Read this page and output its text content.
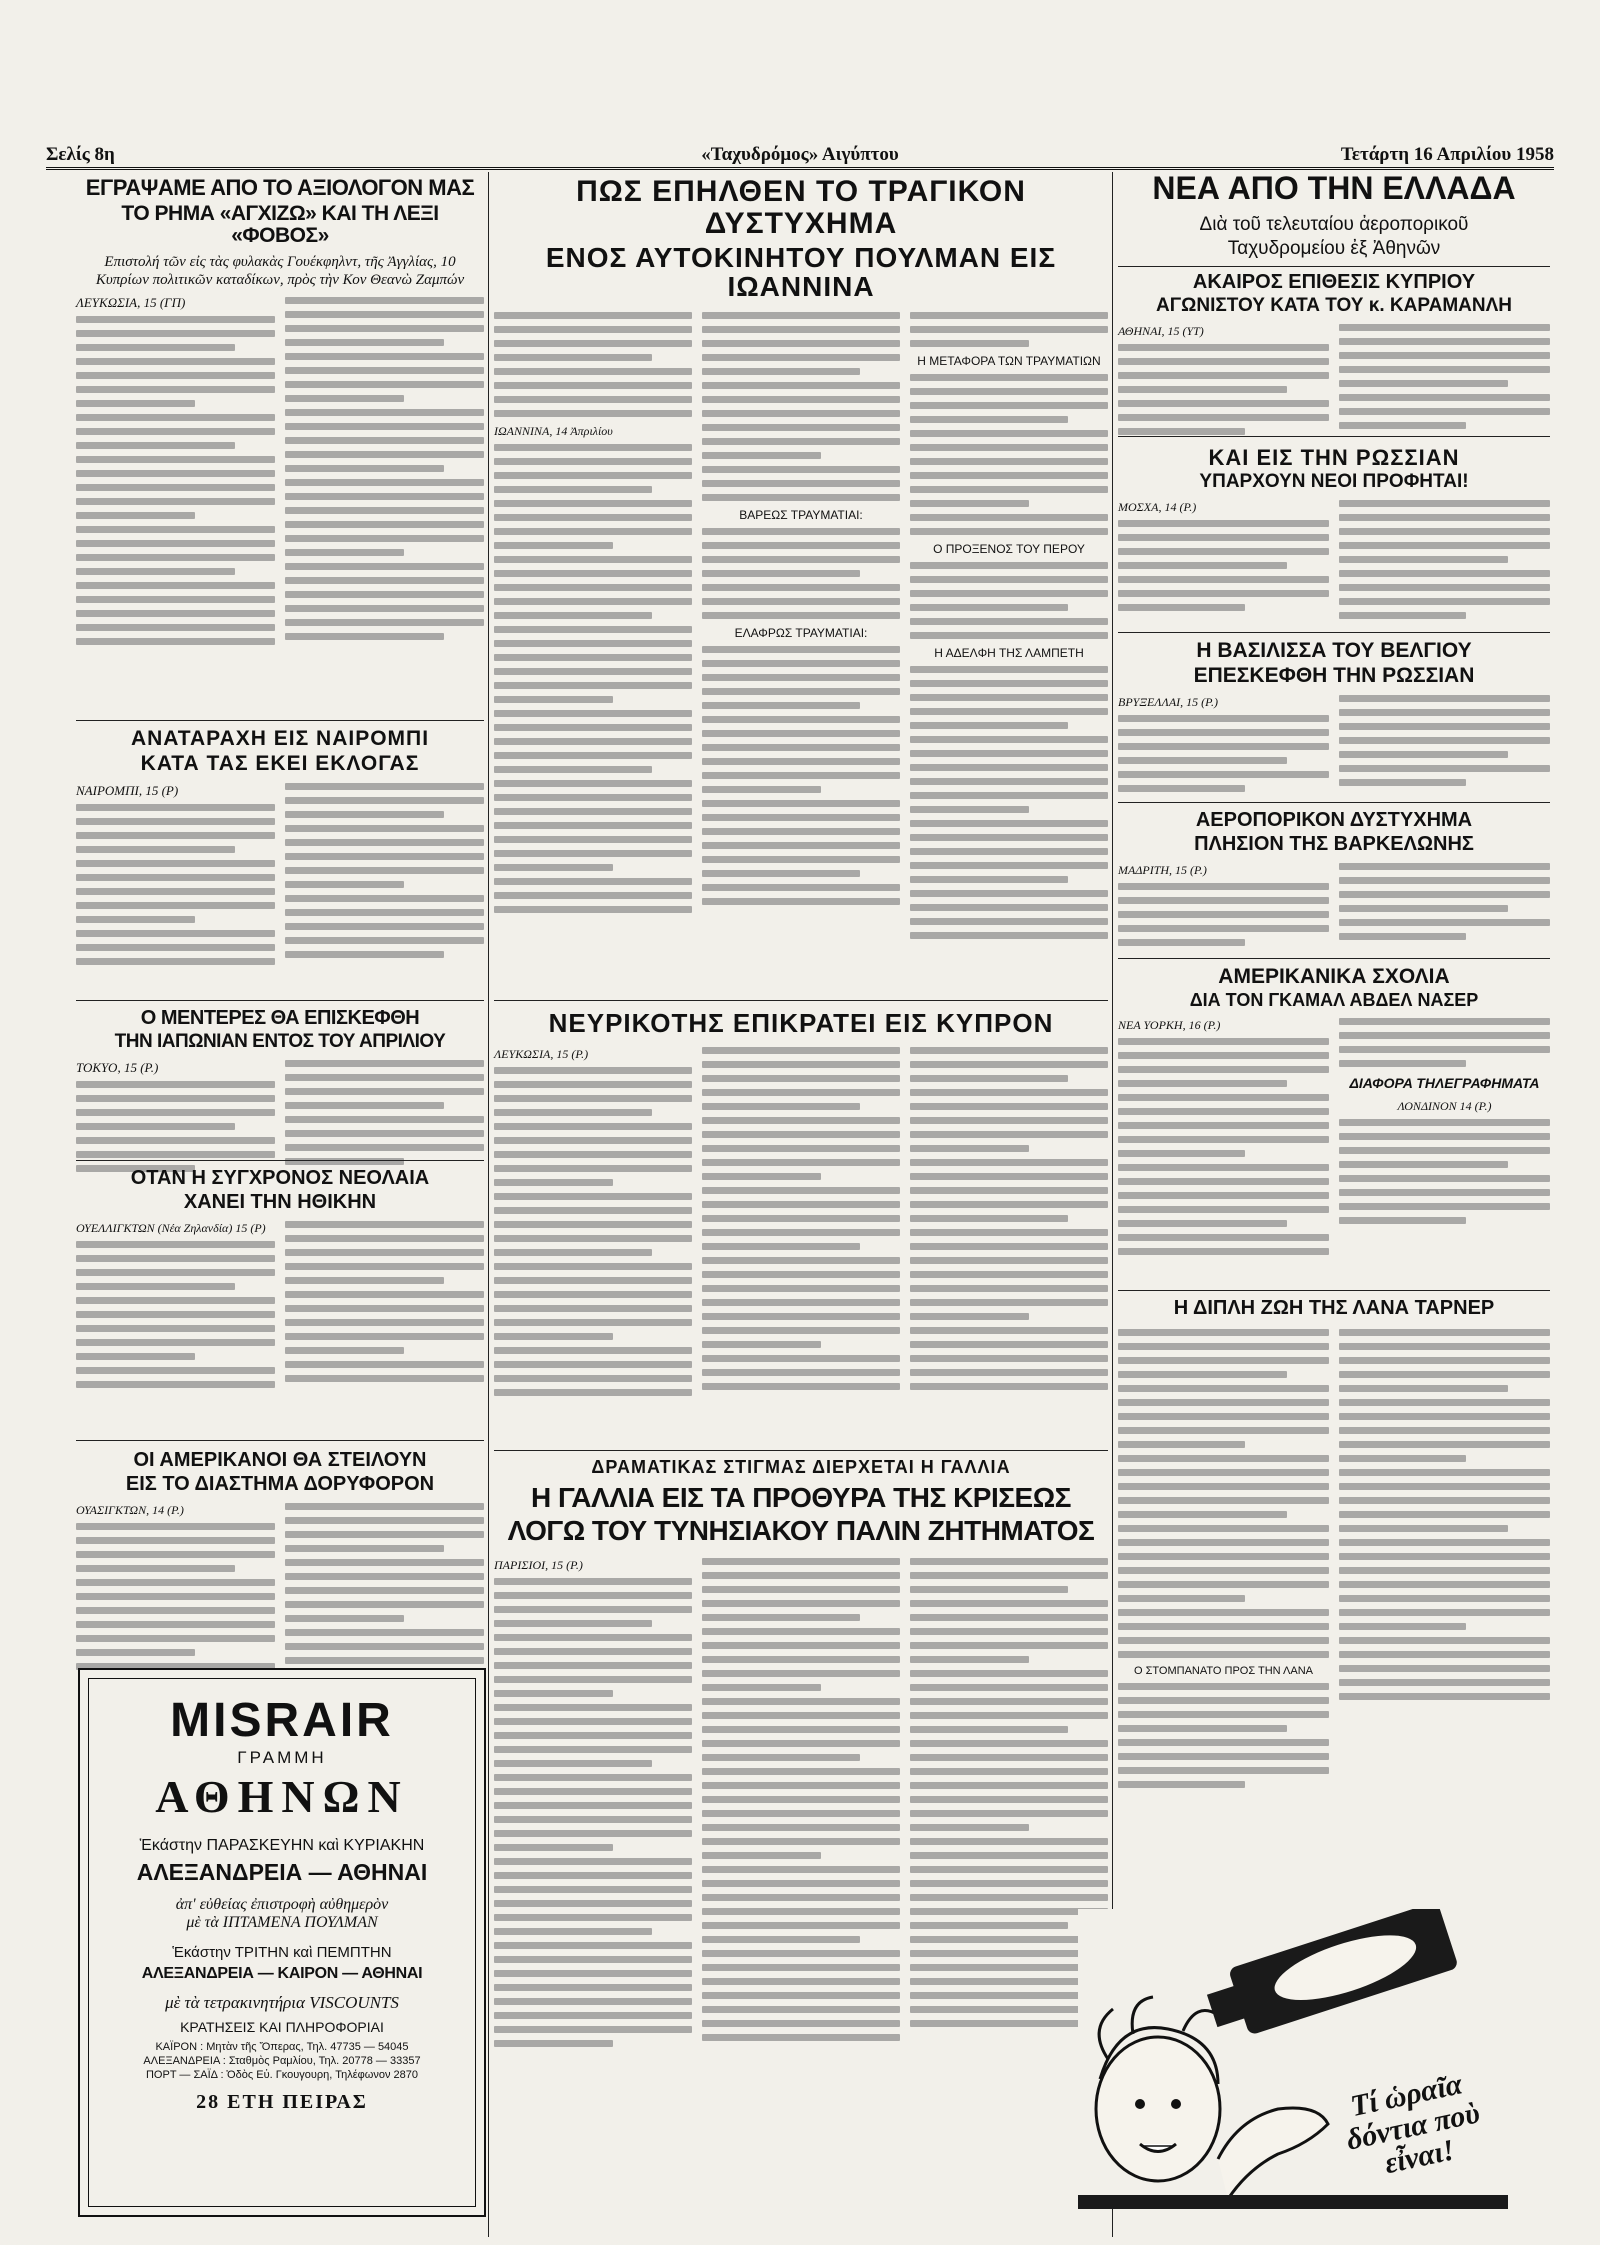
Σελίς 8η	«Ταχυδρόμος» Αιγύπτου	Τετάρτη 16 Απριλίου 1958

ΕΓΡΑΨΑΜΕ ΑΠΟ ΤΟ ΑΞΙΟΛΟΓΟΝ ΜΑΣ

ΤΟ ΡΗΜΑ «ΑΓΧΙΖΩ» ΚΑΙ ΤΗ ΛΕΞΙ «ΦΟΒΟΣ»

Επιστολή τῶν εἰς τὰς φυλακὰς Γουέκφηλντ, τῆς Ἀγγλίας, 10 Κυπρίων πολιτικῶν καταδίκων, πρὸς τὴν Κον Θεανὼ Ζαμπών

ΛΕΥΚΩΣΙΑ, 15 (ΓΠ)

ΑΝΑΤΑΡΑΧΗ ΕΙΣ ΝΑΙΡΟΜΠΙ

ΚΑΤΑ ΤΑΣ ΕΚΕΙ ΕΚΛΟΓΑΣ

ΝΑΙΡΟΜΠΙ, 15 (Ρ)

Ο ΜΕΝΤΕΡΕΣ ΘΑ ΕΠΙΣΚΕΦΘΗ

ΤΗΝ ΙΑΠΩΝΙΑΝ ΕΝΤΟΣ ΤΟΥ ΑΠΡΙΛΙΟΥ

ΤΟΚΥΟ, 15 (Ρ.)

ΟΤΑΝ Η ΣΥΓΧΡΟΝΟΣ ΝΕΟΛΑΙΑ

ΧΑΝΕΙ ΤΗΝ ΗΘΙΚΗΝ

ΟΥΕΛΛΙΓΚΤΩΝ (Νέα Ζηλανδία) 15 (Ρ)

ΟΙ ΑΜΕΡΙΚΑΝΟΙ ΘΑ ΣΤΕΙΛΟΥΝ

ΕΙΣ ΤΟ ΔΙΑΣΤΗΜΑ ΔΟΡΥΦΟΡΟΝ

ΟΥΑΣΙΓΚΤΩΝ, 14 (Ρ.)
MISRAIR
ΓΡΑΜΜΗ
ΑΘΗΝΩΝ
Ἑκάστην ΠΑΡΑΣΚΕΥΗΝ καὶ ΚΥΡΙΑΚΗΝ
ΑΛΕΞΑΝΔΡΕΙΑ — ΑΘΗΝΑΙ
ἀπ' εὐθείας ἐπιστροφὴ αὐθημερὸν
μὲ τὰ ΙΠΤΑΜΕΝΑ ΠΟΥΛΜΑΝ
Ἑκάστην ΤΡΙΤΗΝ καὶ ΠΕΜΠΤΗΝ
ΑΛΕΞΑΝΔΡΕΙΑ — ΚΑΙΡΟΝ — ΑΘΗΝΑΙ
μὲ τὰ τετρακινητήρια VISCOUNTS
ΚΡΑΤΗΣΕΙΣ ΚΑΙ ΠΛΗΡΟΦΟΡΙΑΙ
ΚΑΪΡΟΝ : Μητὰν τῆς Ὄπερας, Τηλ. 47735 — 54045
ΑΛΕΞΑΝΔΡΕΙΑ : Σταθμὸς Ραμλίου, Τηλ. 20778 — 33357
ΠΟΡΤ — ΣΑΪΔ : Ὁδὸς Εὐ. Γκουγουρη, Τηλέφωνον 2870
28 ΕΤΗ ΠΕΙΡΑΣ

ΠΩΣ ΕΠΗΛΘΕΝ ΤΟ ΤΡΑΓΙΚΟΝ ΔΥΣΤΥΧΗΜΑ

ΕΝΟΣ ΑΥΤΟΚΙΝΗΤΟΥ ΠΟΥΛΜΑΝ ΕΙΣ ΙΩΑΝΝΙΝΑ

ΙΩΑΝΝΙΝΑ, 14 Ἀπριλίου
ΒΑΡΕΩΣ ΤΡΑΥΜΑΤΙΑΙ:
ΕΛΑΦΡΩΣ ΤΡΑΥΜΑΤΙΑΙ:
Η ΜΕΤΑΦΟΡΑ ΤΩΝ ΤΡΑΥΜΑΤΙΩΝ
Ο ΠΡΟΞΕΝΟΣ ΤΟΥ ΠΕΡΟΥ
Η ΑΔΕΛΦΗ ΤΗΣ ΛΑΜΠΕΤΗ

ΝΕΥΡΙΚΟΤΗΣ ΕΠΙΚΡΑΤΕΙ ΕΙΣ ΚΥΠΡΟΝ

ΛΕΥΚΩΣΙΑ, 15 (Ρ.)

ΔΡΑΜΑΤΙΚΑΣ ΣΤΙΓΜΑΣ ΔΙΕΡΧΕΤΑΙ Η ΓΑΛΛΙΑ

Η ΓΑΛΛΙΑ ΕΙΣ ΤΑ ΠΡΟΘΥΡΑ ΤΗΣ ΚΡΙΣΕΩΣ

ΛΟΓΩ ΤΟΥ ΤΥΝΗΣΙΑΚΟΥ ΠΑΛΙΝ ΖΗΤΗΜΑΤΟΣ

ΠΑΡΙΣΙΟΙ, 15 (Ρ.)

ΝΕΑ ΑΠΟ ΤΗΝ ΕΛΛΑΔΑ

Διὰ τοῦ τελευταίου ἀεροπορικοῦ

Ταχυδρομείου ἐξ Ἀθηνῶν

ΑΚΑΙΡΟΣ ΕΠΙΘΕΣΙΣ ΚΥΠΡΙΟΥ

ΑΓΩΝΙΣΤΟΥ ΚΑΤΑ ΤΟΥ κ. ΚΑΡΑΜΑΝΛΗ

ΑΘΗΝΑΙ, 15 (ΥΤ)

ΚΑΙ ΕΙΣ ΤΗΝ ΡΩΣΣΙΑΝ

ΥΠΑΡΧΟΥΝ ΝΕΟΙ ΠΡΟΦΗΤΑΙ!

ΜΟΣΧΑ, 14 (Ρ.)

Η ΒΑΣΙΛΙΣΣΑ ΤΟΥ ΒΕΛΓΙΟΥ

ΕΠΕΣΚΕΦΘΗ ΤΗΝ ΡΩΣΣΙΑΝ

ΒΡΥΞΕΛΛΑΙ, 15 (Ρ.)

ΑΕΡΟΠΟΡΙΚΟΝ ΔΥΣΤΥΧΗΜΑ

ΠΛΗΣΙΟΝ ΤΗΣ ΒΑΡΚΕΛΩΝΗΣ

ΜΑΔΡΙΤΗ, 15 (Ρ.)

ΑΜΕΡΙΚΑΝΙΚΑ ΣΧΟΛΙΑ

ΔΙΑ ΤΟΝ ΓΚΑΜΑΛ ΑΒΔΕΛ ΝΑΣΕΡ

ΝΕΑ ΥΟΡΚΗ, 16 (Ρ.)
ΔΙΑΦΟΡΑ ΤΗΛΕΓΡΑΦΗΜΑΤΑ
ΛΟΝΔΙΝΟΝ 14 (Ρ.)

Η ΔΙΠΛΗ ΖΩΗ ΤΗΣ ΛΑΝΑ ΤΑΡΝΕΡ

Ο ΣΤΟΜΠΑΝΑΤΟ ΠΡΟΣ ΤΗΝ ΛΑΝΑ
Τί ὡραῖα δόντια ποὺ εἶναι!
